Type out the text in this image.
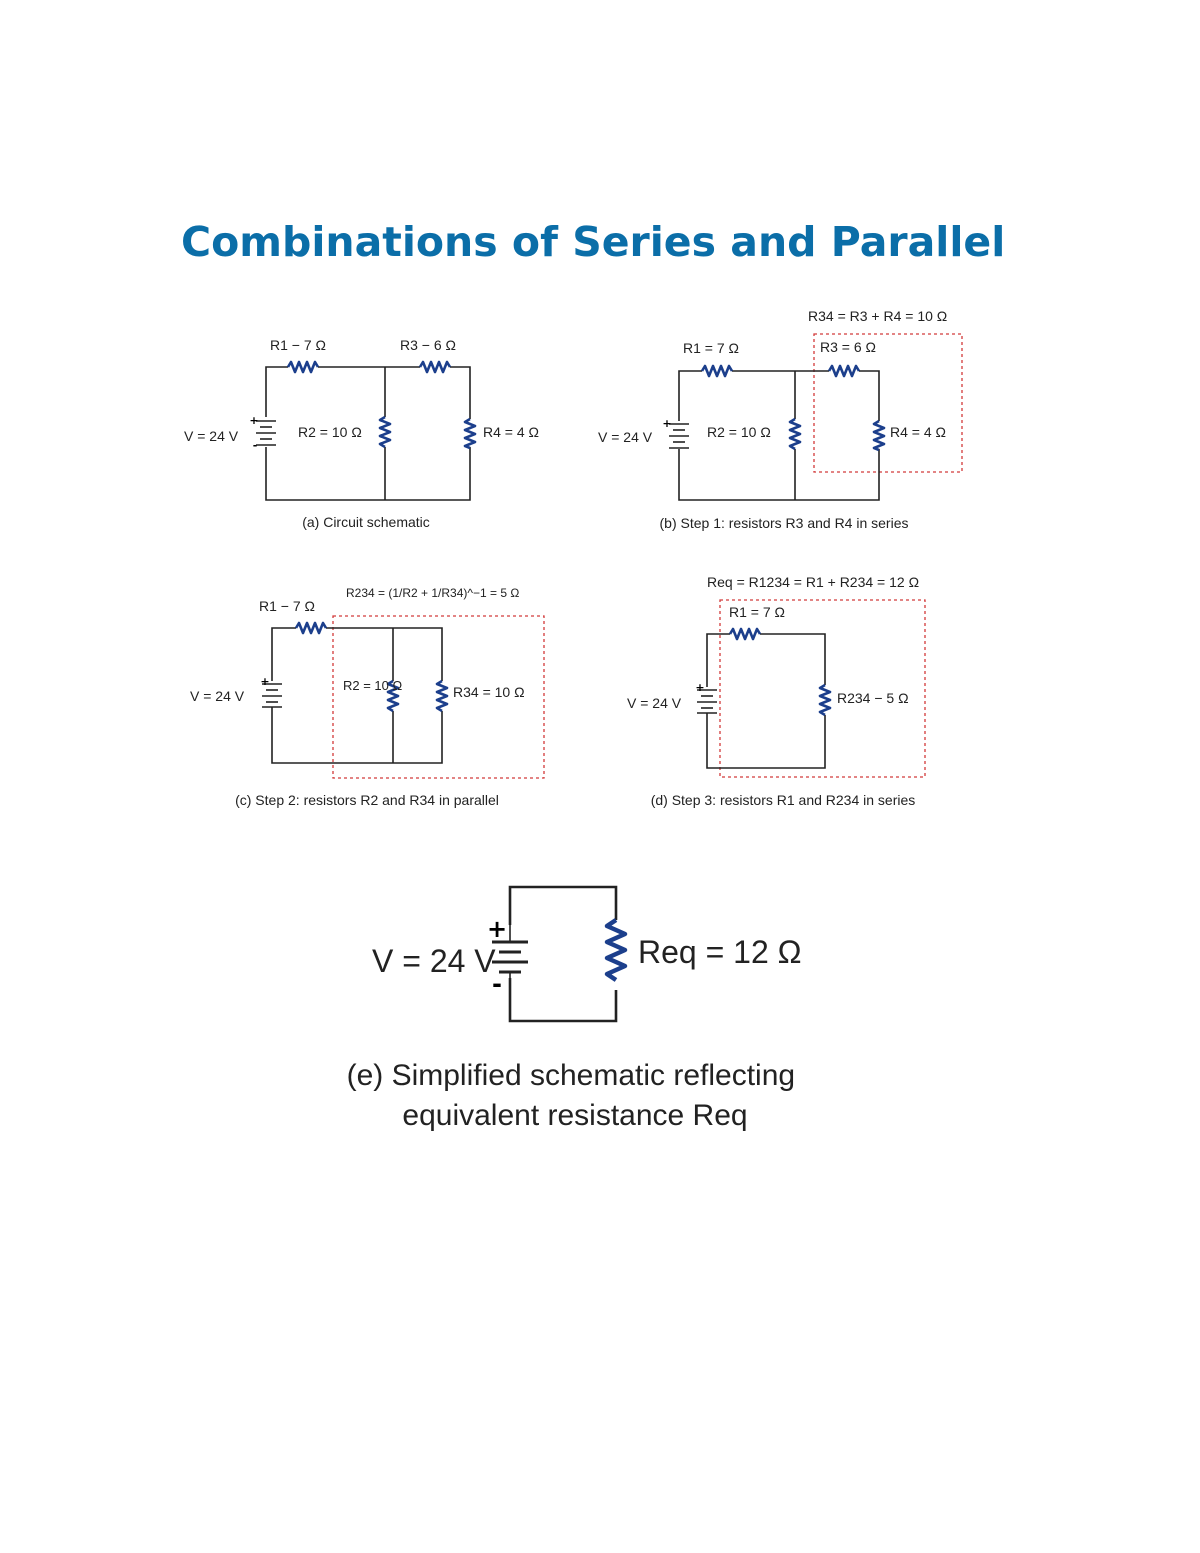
Combinations of Series and Parallel
+
-
R1 − 7 Ω	R3 − 6 Ω
V = 24 V	R2 = 10 Ω	R4 = 4 Ω
(a) Circuit schematic
+
R34 = R3 + R4 = 10 Ω
R1 = 7 Ω	R3 = 6 Ω
V = 24 V	R2 = 10 Ω	R4 = 4 Ω
(b) Step 1: resistors R3 and R4 in series
+
R234 = (1/R2 + 1/R34)^−1 = 5 Ω
R1 − 7 Ω
V = 24 V
R2 = 10 Ω	R34 = 10 Ω
(c) Step 2: resistors R2 and R34 in parallel
+
Req = R1234 = R1 + R234 = 12 Ω
R1 = 7 Ω
V = 24 V	R234 − 5 Ω
(d) Step 3: resistors R1 and R234 in series
+
-
V = 24 V	Req = 12 Ω
(e) Simplified schematic reflecting equivalent resistance Req
